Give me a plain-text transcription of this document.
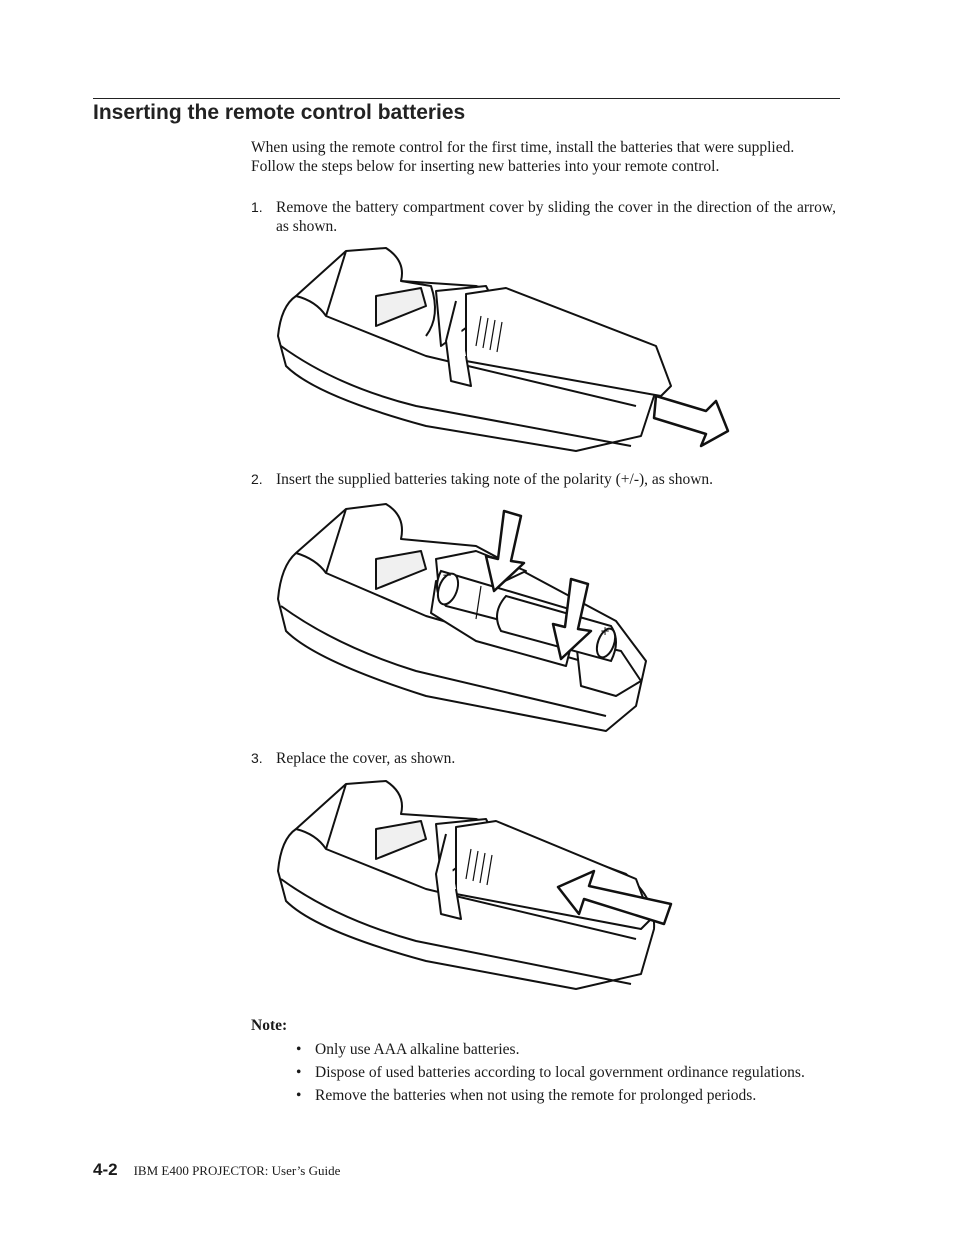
Inserting the remote control batteries

When using the remote control for the first time, install the batteries that were supplied. Follow the steps below for inserting new batteries into your remote control.

1. Remove the battery compartment cover by sliding the cover in the direction of the arrow, as shown.
2. Insert the supplied batteries taking note of the polarity (+/-), as shown.
−
+
3. Replace the cover, as shown.

Note:

• Only use AAA alkaline batteries.
• Dispose of used batteries according to local government ordinance regulations.
• Remove the batteries when not using the remote for prolonged periods.
4-2 IBM E400 PROJECTOR: User’s Guide
